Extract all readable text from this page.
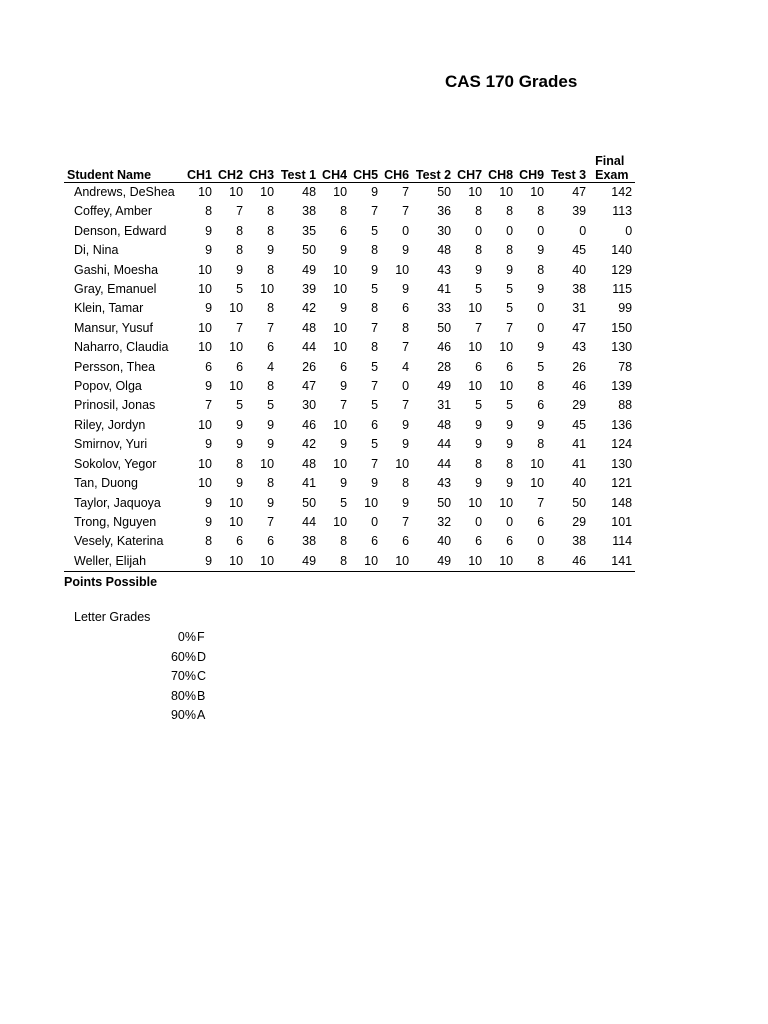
CAS 170 Grades
Student Name	CH1	CH2	CH3	Test 1	CH4	CH5	CH6	Test 2	CH7	CH8	CH9	Test 3	Final
Exam
Andrews, DeShea	10	10	10	48	10	9	7	50	10	10	10	47	142
Coffey, Amber	8	7	8	38	8	7	7	36	8	8	8	39	113
Denson, Edward	9	8	8	35	6	5	0	30	0	0	0	0	0
Di, Nina	9	8	9	50	9	8	9	48	8	8	9	45	140
Gashi, Moesha	10	9	8	49	10	9	10	43	9	9	8	40	129
Gray, Emanuel	10	5	10	39	10	5	9	41	5	5	9	38	115
Klein, Tamar	9	10	8	42	9	8	6	33	10	5	0	31	99
Mansur, Yusuf	10	7	7	48	10	7	8	50	7	7	0	47	150
Naharro, Claudia	10	10	6	44	10	8	7	46	10	10	9	43	130
Persson, Thea	6	6	4	26	6	5	4	28	6	6	5	26	78
Popov, Olga	9	10	8	47	9	7	0	49	10	10	8	46	139
Prinosil, Jonas	7	5	5	30	7	5	7	31	5	5	6	29	88
Riley, Jordyn	10	9	9	46	10	6	9	48	9	9	9	45	136
Smirnov, Yuri	9	9	9	42	9	5	9	44	9	9	8	41	124
Sokolov, Yegor	10	8	10	48	10	7	10	44	8	8	10	41	130
Tan, Duong	10	9	8	41	9	9	8	43	9	9	10	40	121
Taylor, Jaquoya	9	10	9	50	5	10	9	50	10	10	7	50	148
Trong, Nguyen	9	10	7	44	10	0	7	32	0	0	6	29	101
Vesely, Katerina	8	6	6	38	8	6	6	40	6	6	0	38	114
Weller, Elijah	9	10	10	49	8	10	10	49	10	10	8	46	141
Points Possible													
Letter Grades
0% F
60% D
70% C
80% B
90% A
